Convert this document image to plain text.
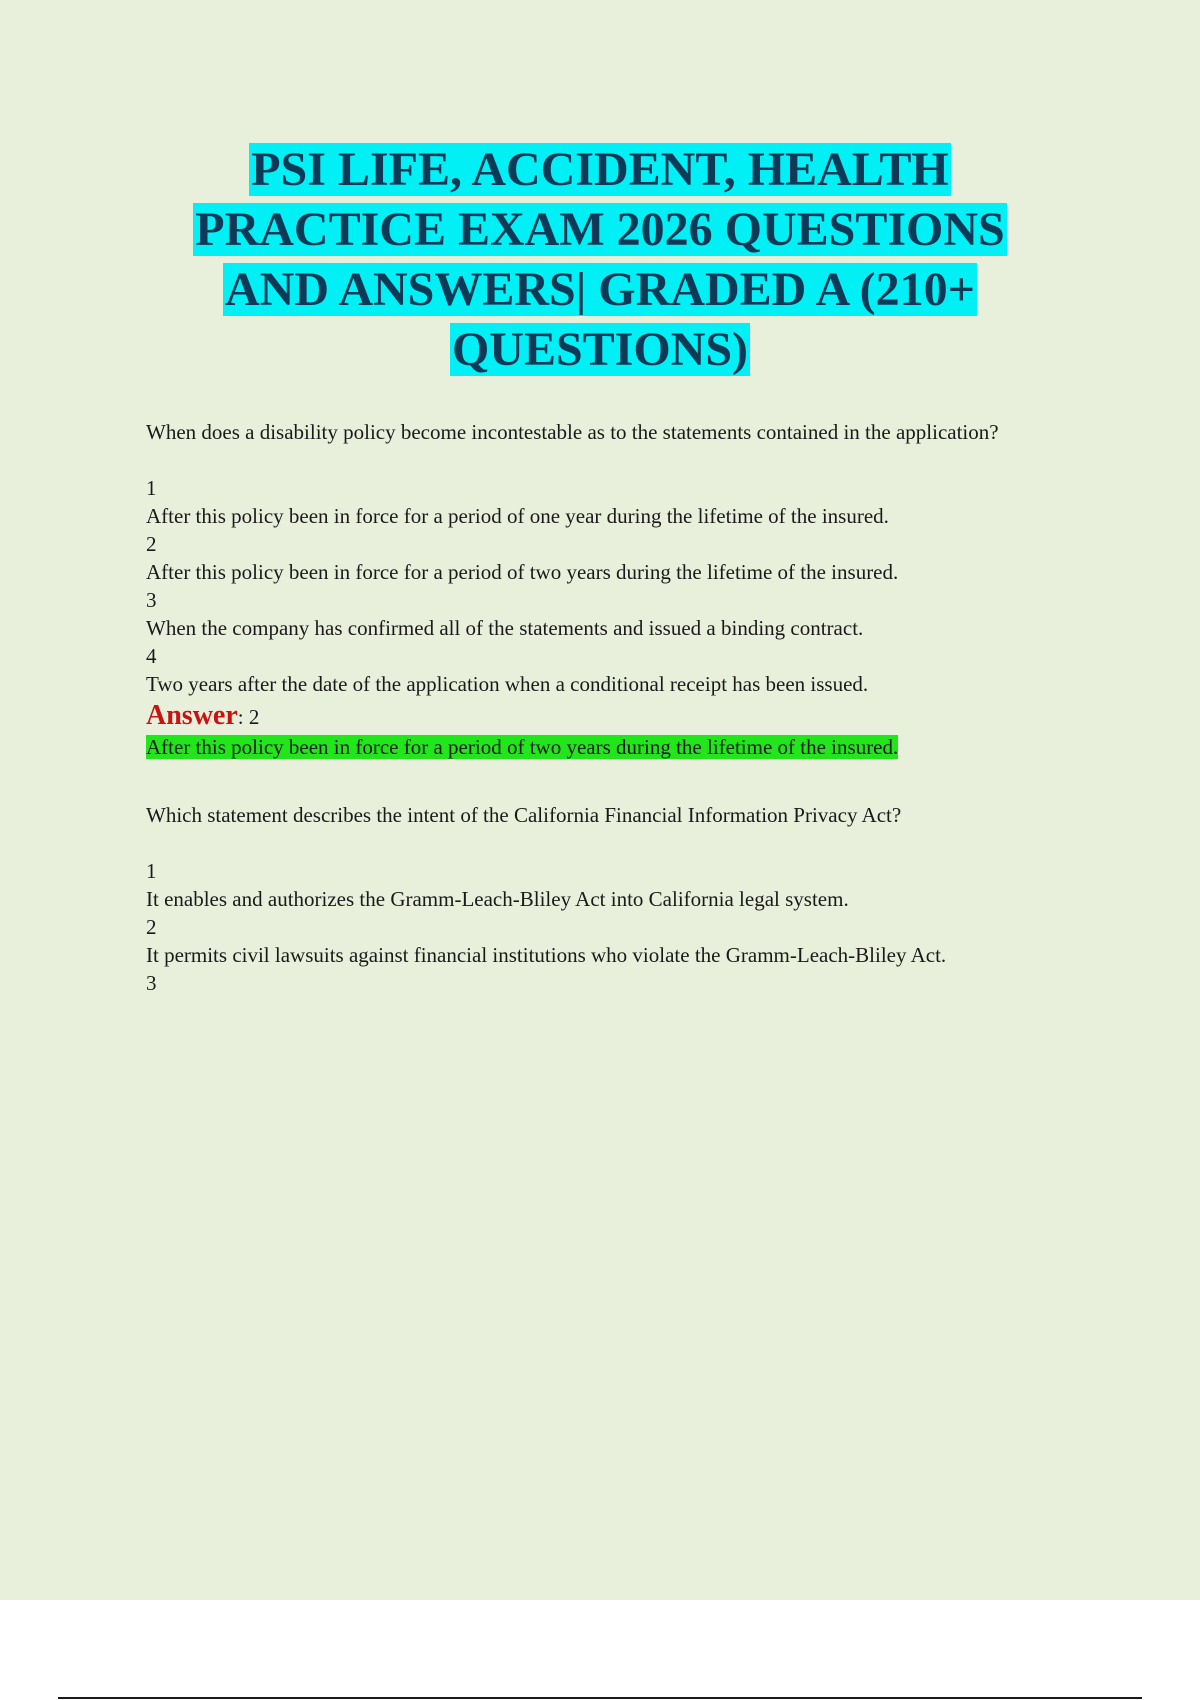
PSI LIFE, ACCIDENT, HEALTH
PRACTICE EXAM 2026 QUESTIONS
AND ANSWERS| GRADED A (210+
QUESTIONS)

When does a disability policy become incontestable as to the statements contained in the application?

1
After this policy been in force for a period of one year during the lifetime of the insured.
2
After this policy been in force for a period of two years during the lifetime of the insured.
3
When the company has confirmed all of the statements and issued a binding contract.
4
Two years after the date of the application when a conditional receipt has been issued.
Answer: 2
After this policy been in force for a period of two years during the lifetime of the insured.

Which statement describes the intent of the California Financial Information Privacy Act?

1
It enables and authorizes the Gramm-Leach-Bliley Act into California legal system.
2
It permits civil lawsuits against financial institutions who violate the Gramm-Leach-Bliley Act.
3
